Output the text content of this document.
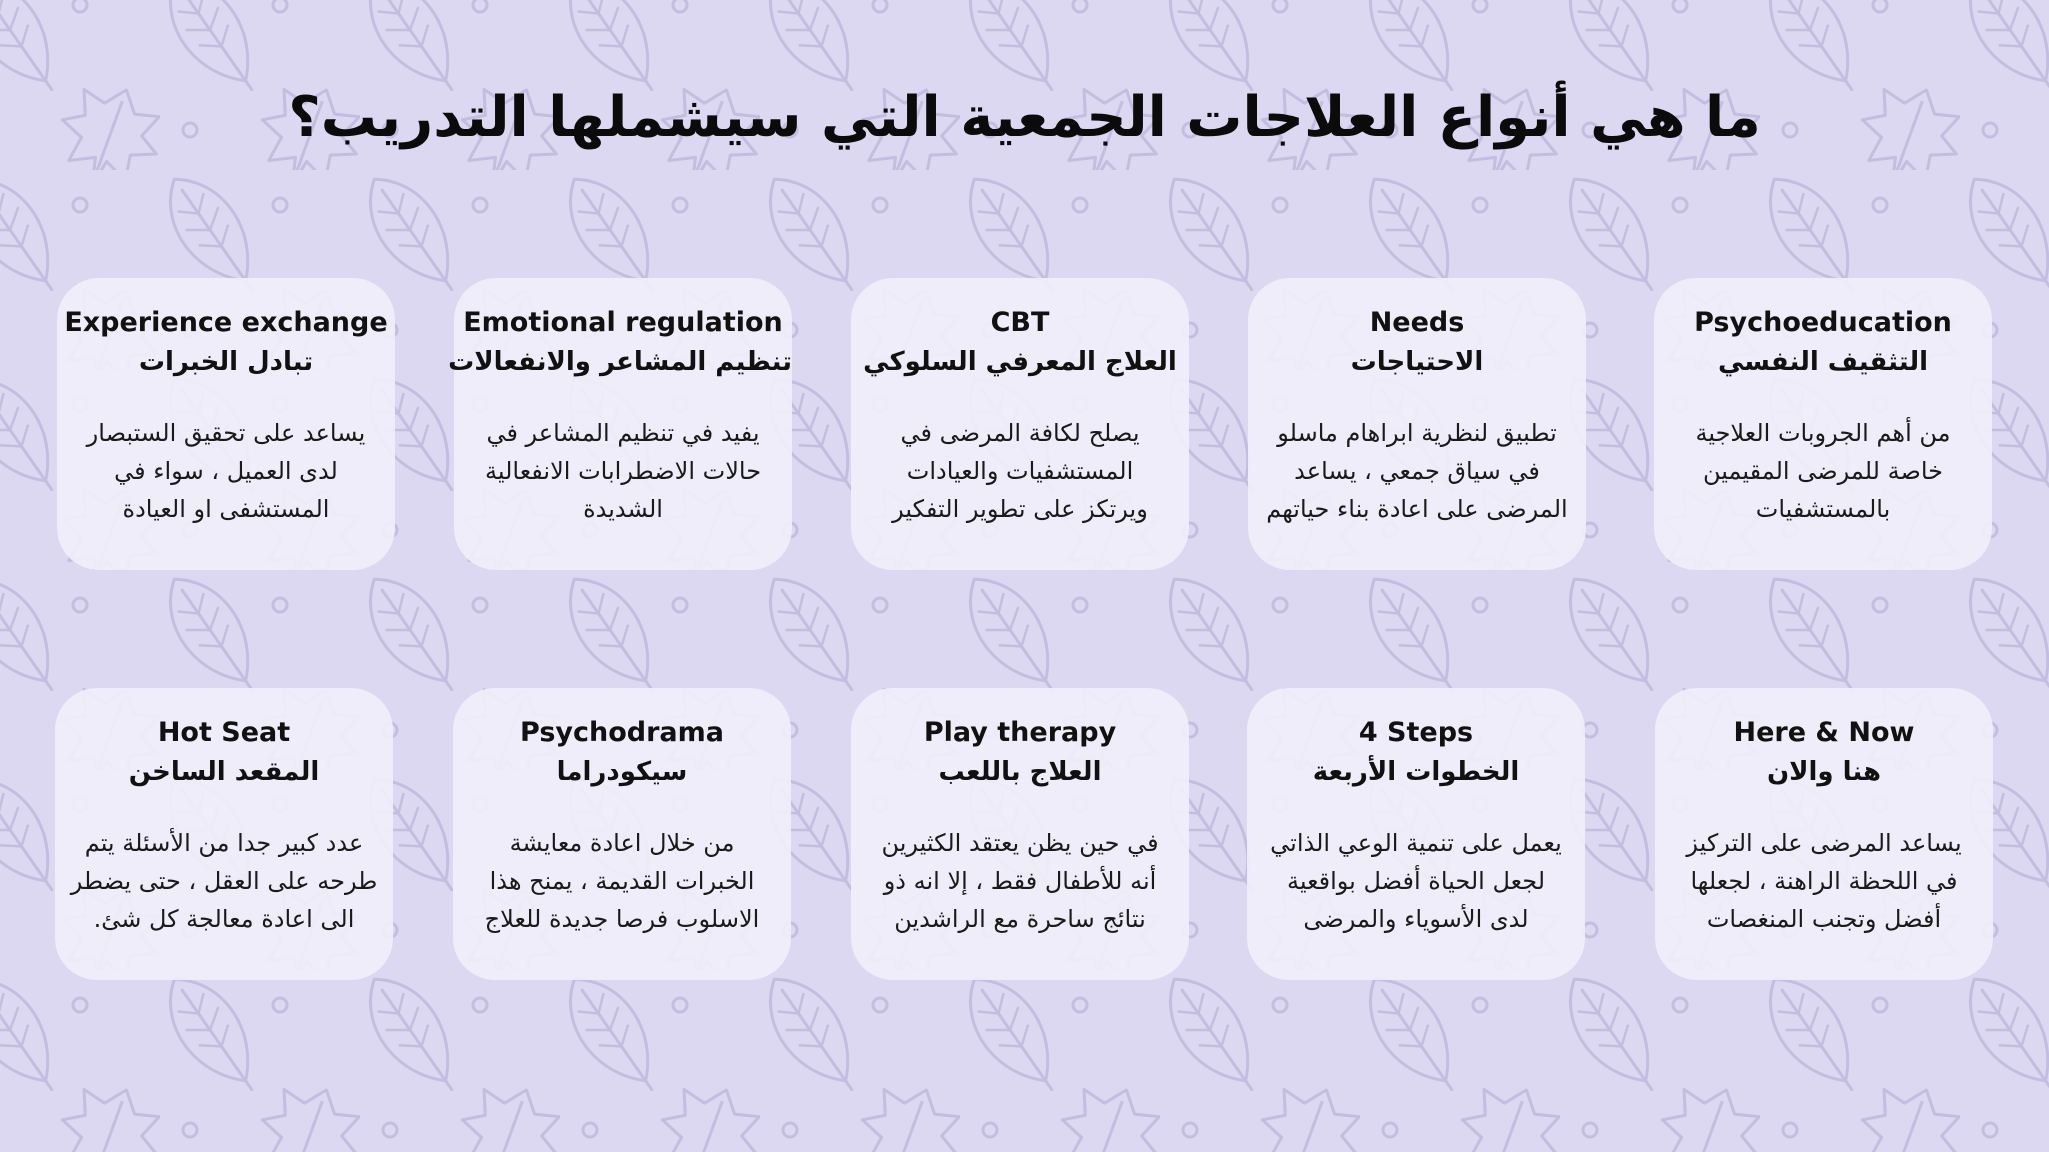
ما هي أنواع العلاجات الجمعية التي سيشملها التدريب؟
Psychoeducation
التثقيف النفسي
من أهم الجروبات العلاجية
خاصة للمرضى المقيمين
بالمستشفيات
Needs
الاحتياجات
تطبيق لنظرية ابراهام ماسلو
في سياق جمعي ، يساعد
المرضى على اعادة بناء حياتهم
CBT
العلاج المعرفي السلوكي
يصلح لكافة المرضى في
المستشفيات والعيادات
ويرتكز على تطوير التفكير
Emotional regulation
تنظيم المشاعر والانفعالات
يفيد في تنظيم المشاعر في
حالات الاضطرابات الانفعالية
الشديدة
Experience exchange
تبادل الخبرات
يساعد على تحقيق الستبصار
لدى العميل ، سواء في
المستشفى او العيادة
Here & Now
هنا والان
يساعد المرضى على التركيز
في اللحظة الراهنة ، لجعلها
أفضل وتجنب المنغصات
4 Steps
الخطوات الأربعة
يعمل على تنمية الوعي الذاتي
لجعل الحياة أفضل بواقعية
لدى الأسوياء والمرضى
Play therapy
العلاج باللعب
في حين يظن يعتقد الكثيرين
أنه للأطفال فقط ، إلا انه ذو
نتائج ساحرة مع الراشدين
Psychodrama
سيكودراما
من خلال اعادة معايشة
الخبرات القديمة ، يمنح هذا
الاسلوب فرصا جديدة للعلاج
Hot Seat
المقعد الساخن
عدد كبير جدا من الأسئلة يتم
طرحه على العقل ، حتى يضطر
الى اعادة معالجة كل شئ.
